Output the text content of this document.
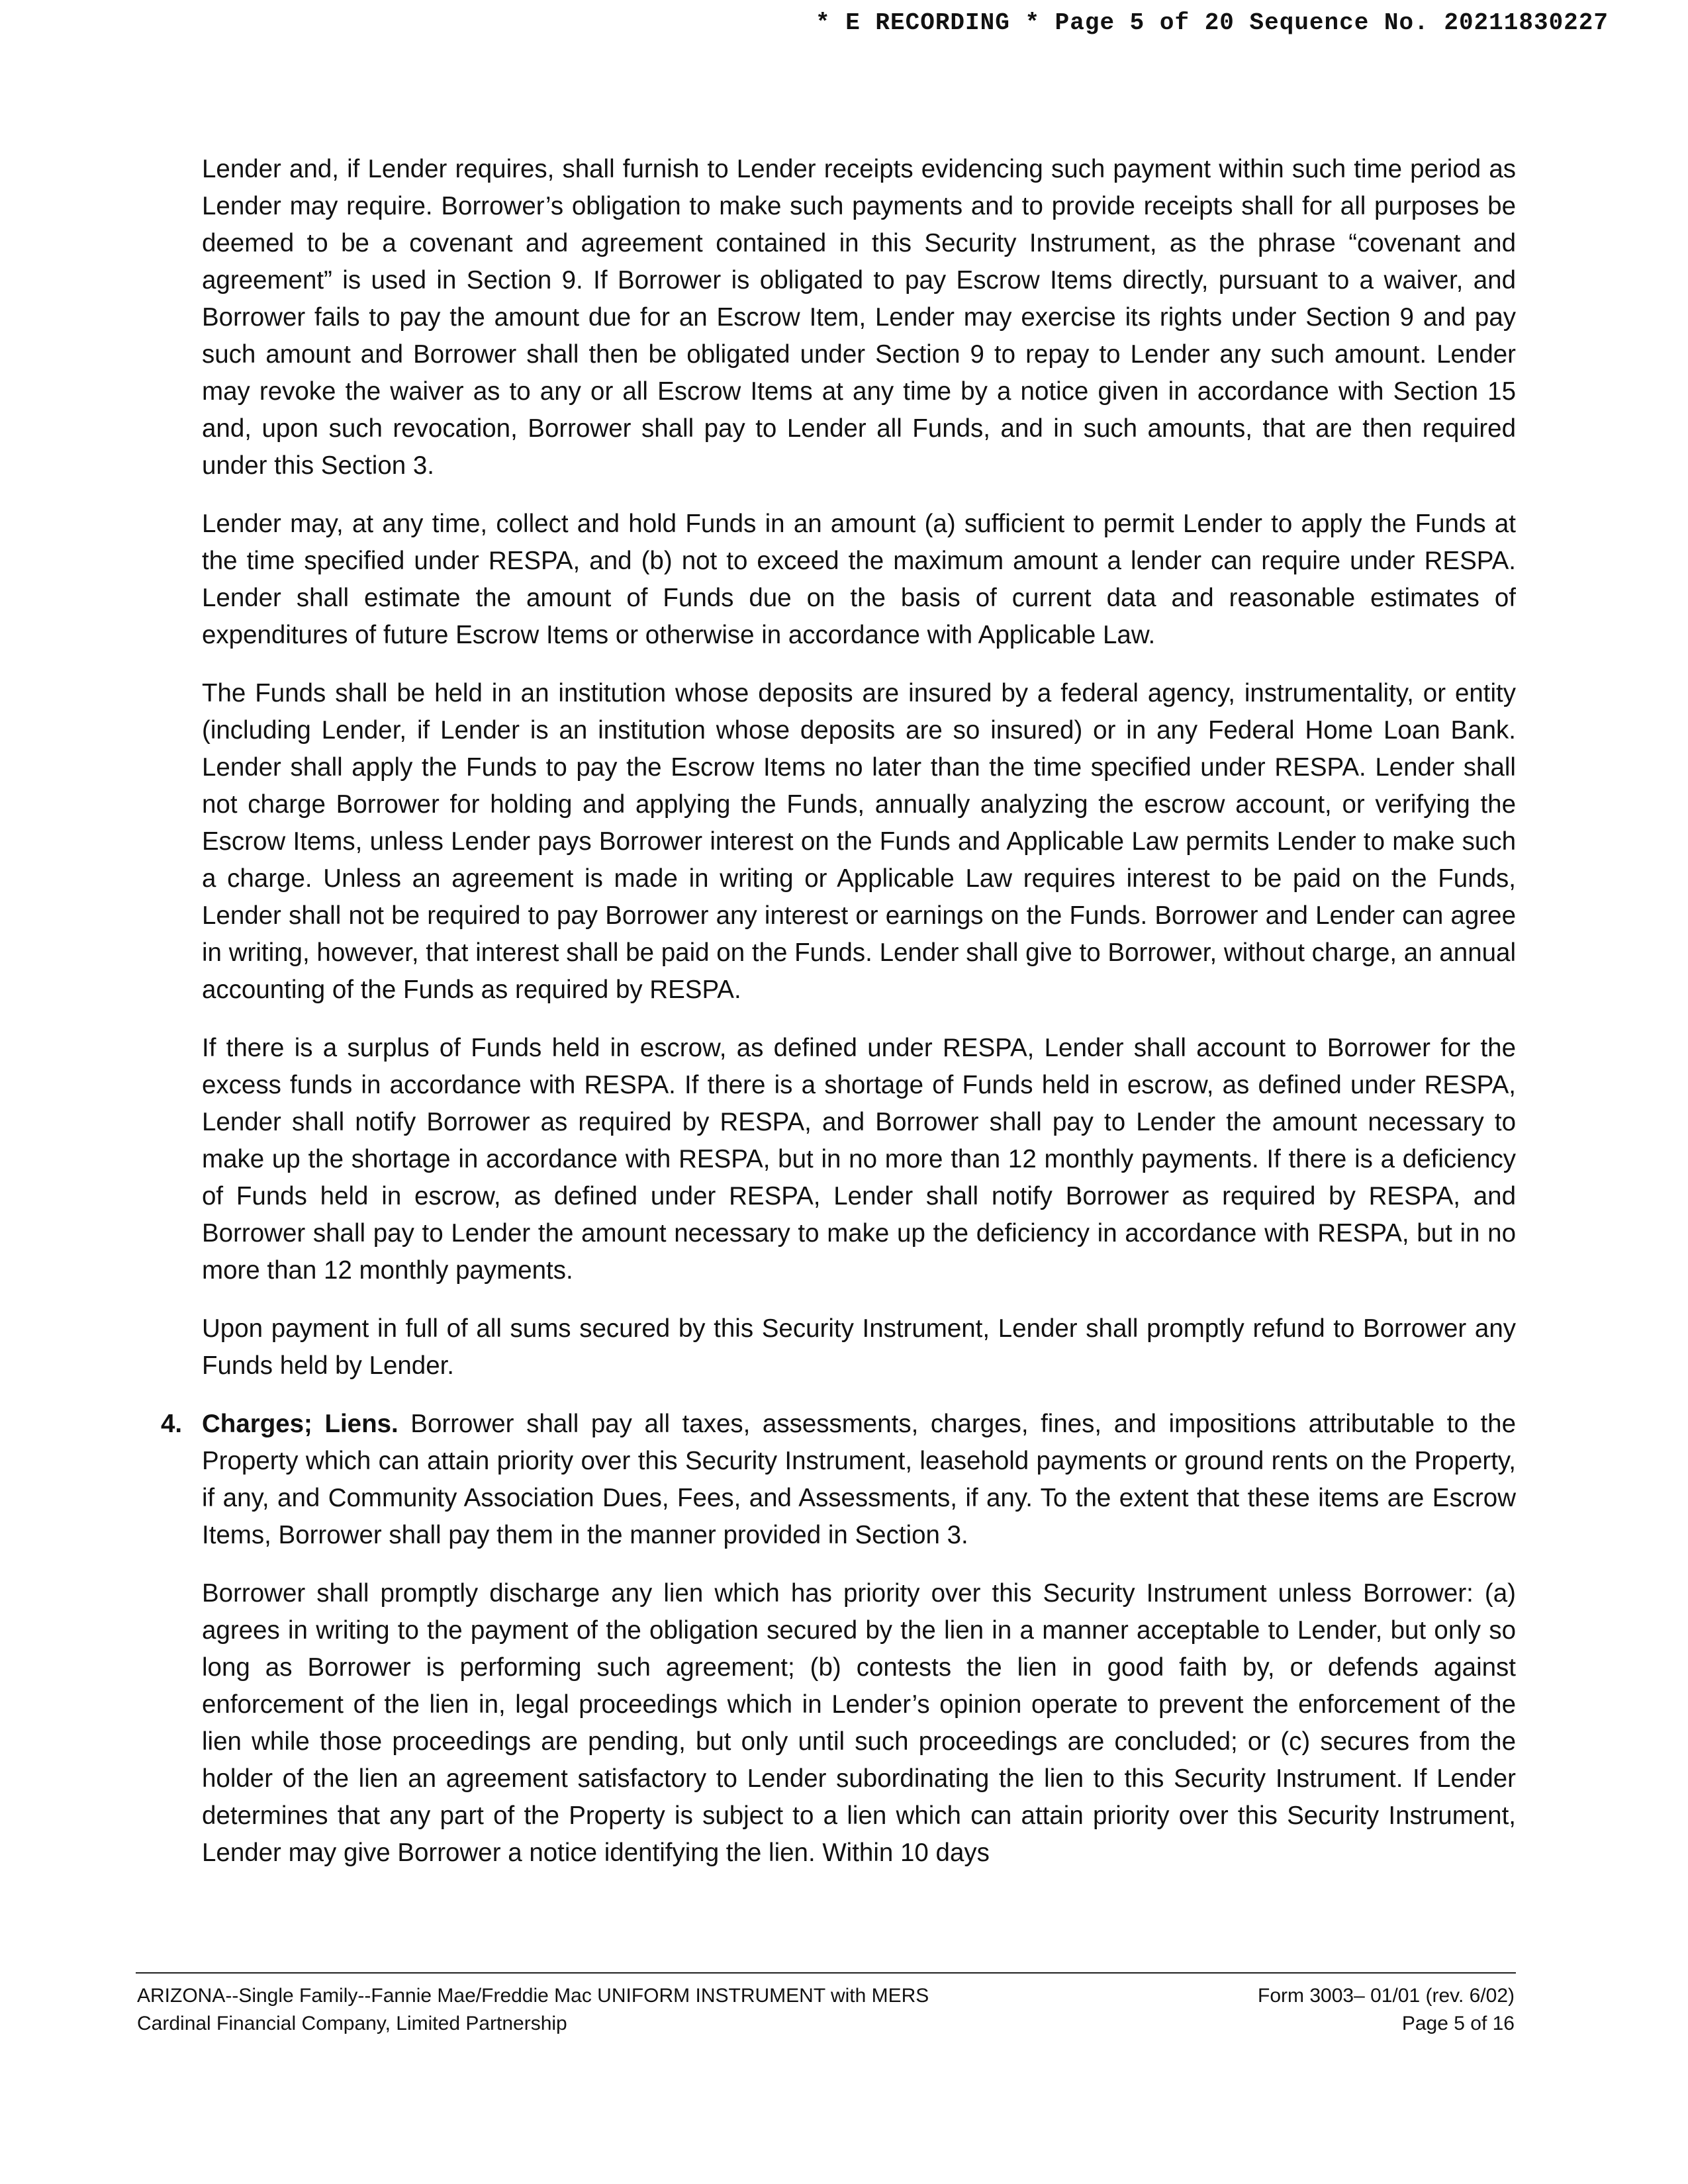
* E RECORDING * Page 5 of 20 Sequence No. 20211830227

Lender and, if Lender requires, shall furnish to Lender receipts evidencing such payment within such time period as Lender may require. Borrower’s obligation to make such payments and to provide receipts shall for all purposes be deemed to be a covenant and agreement contained in this Security Instrument, as the phrase “covenant and agreement” is used in Section 9. If Borrower is obligated to pay Escrow Items directly, pursuant to a waiver, and Borrower fails to pay the amount due for an Escrow Item, Lender may exercise its rights under Section 9 and pay such amount and Borrower shall then be obligated under Section 9 to repay to Lender any such amount. Lender may revoke the waiver as to any or all Escrow Items at any time by a notice given in accordance with Section 15 and, upon such revocation, Borrower shall pay to Lender all Funds, and in such amounts, that are then required under this Section 3.

Lender may, at any time, collect and hold Funds in an amount (a) sufficient to permit Lender to apply the Funds at the time specified under RESPA, and (b) not to exceed the maximum amount a lender can require under RESPA. Lender shall estimate the amount of Funds due on the basis of current data and reasonable estimates of expenditures of future Escrow Items or otherwise in accordance with Applicable Law.

The Funds shall be held in an institution whose deposits are insured by a federal agency, instrumentality, or entity (including Lender, if Lender is an institution whose deposits are so insured) or in any Federal Home Loan Bank. Lender shall apply the Funds to pay the Escrow Items no later than the time specified under RESPA. Lender shall not charge Borrower for holding and applying the Funds, annually analyzing the escrow account, or verifying the Escrow Items, unless Lender pays Borrower interest on the Funds and Applicable Law permits Lender to make such a charge. Unless an agreement is made in writing or Applicable Law requires interest to be paid on the Funds, Lender shall not be required to pay Borrower any interest or earnings on the Funds. Borrower and Lender can agree in writing, however, that interest shall be paid on the Funds. Lender shall give to Borrower, without charge, an annual accounting of the Funds as required by RESPA.

If there is a surplus of Funds held in escrow, as defined under RESPA, Lender shall account to Borrower for the excess funds in accordance with RESPA. If there is a shortage of Funds held in escrow, as defined under RESPA, Lender shall notify Borrower as required by RESPA, and Borrower shall pay to Lender the amount necessary to make up the shortage in accordance with RESPA, but in no more than 12 monthly payments. If there is a deficiency of Funds held in escrow, as defined under RESPA, Lender shall notify Borrower as required by RESPA, and Borrower shall pay to Lender the amount necessary to make up the deficiency in accordance with RESPA, but in no more than 12 monthly payments.

Upon payment in full of all sums secured by this Security Instrument, Lender shall promptly refund to Borrower any Funds held by Lender.

4. Charges; Liens. Borrower shall pay all taxes, assessments, charges, fines, and impositions attributable to the Property which can attain priority over this Security Instrument, leasehold payments or ground rents on the Property, if any, and Community Association Dues, Fees, and Assessments, if any. To the extent that these items are Escrow Items, Borrower shall pay them in the manner provided in Section 3.

Borrower shall promptly discharge any lien which has priority over this Security Instrument unless Borrower: (a) agrees in writing to the payment of the obligation secured by the lien in a manner acceptable to Lender, but only so long as Borrower is performing such agreement; (b) contests the lien in good faith by, or defends against enforcement of the lien in, legal proceedings which in Lender’s opinion operate to prevent the enforcement of the lien while those proceedings are pending, but only until such proceedings are concluded; or (c) secures from the holder of the lien an agreement satisfactory to Lender subordinating the lien to this Security Instrument. If Lender determines that any part of the Property is subject to a lien which can attain priority over this Security Instrument, Lender may give Borrower a notice identifying the lien. Within 10 days

ARIZONA--Single Family--Fannie Mae/Freddie Mac UNIFORM INSTRUMENT with MERS
Cardinal Financial Company, Limited Partnership
Form 3003– 01/01 (rev. 6/02)
Page 5 of 16
